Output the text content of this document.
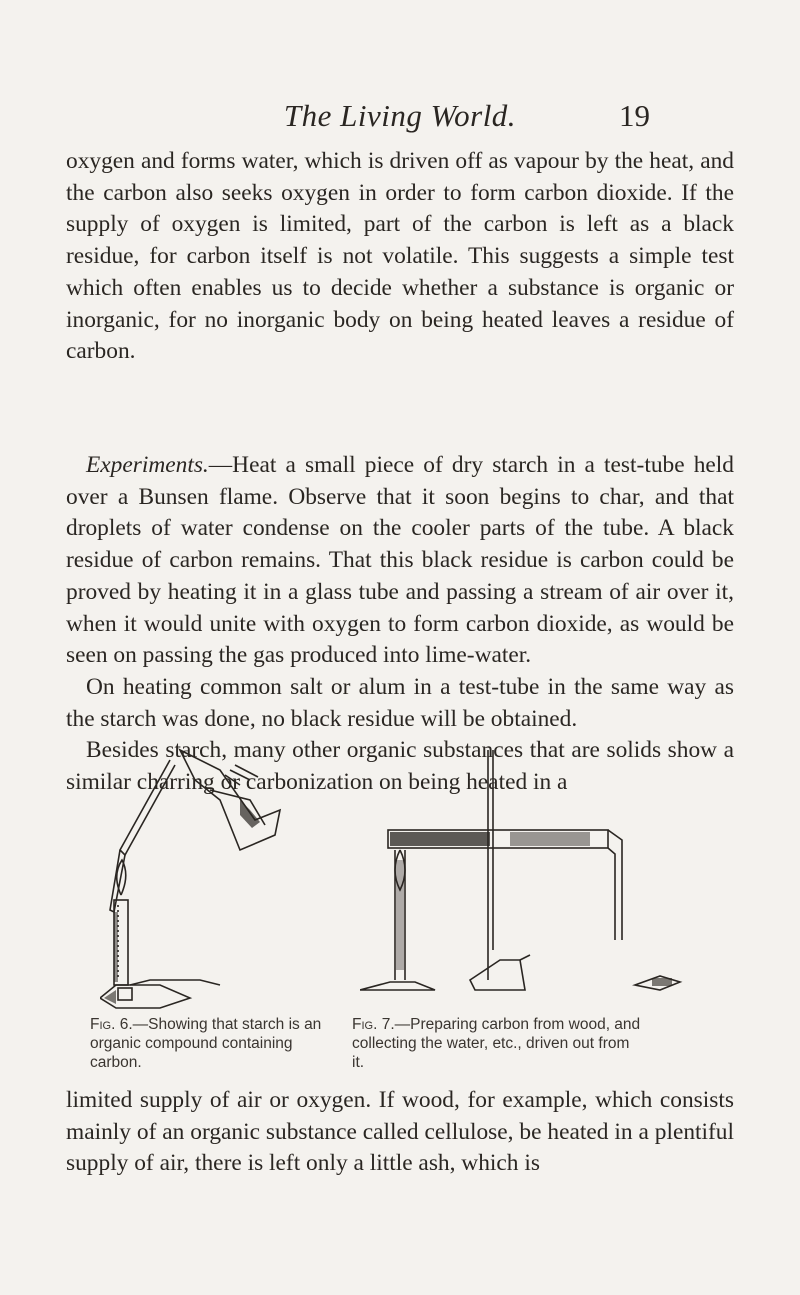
The Living World.	19

oxygen and forms water, which is driven off as vapour by the heat, and the carbon also seeks oxygen in order to form carbon dioxide. If the supply of oxygen is limited, part of the carbon is left as a black residue, for carbon itself is not volatile. This suggests a simple test which often enables us to decide whether a substance is organic or inorganic, for no inorganic body on being heated leaves a residue of carbon.

Experiments.—Heat a small piece of dry starch in a test-tube held over a Bunsen flame. Observe that it soon begins to char, and that droplets of water condense on the cooler parts of the tube. A black residue of carbon remains. That this black residue is carbon could be proved by heating it in a glass tube and passing a stream of air over it, when it would unite with oxygen to form carbon dioxide, as would be seen on passing the gas produced into lime-water.

On heating common salt or alum in a test-tube in the same way as the starch was done, no black residue will be obtained.

Besides starch, many other organic substances that are solids show a similar charring or carbonization on being heated in a

Fig. 6.—Showing that starch is an organic compound containing carbon.
Fig. 7.—Preparing carbon from wood, and collecting the water, etc., driven out from it.

limited supply of air or oxygen. If wood, for example, which consists mainly of an organic substance called cellulose, be heated in a plentiful supply of air, there is left only a little ash, which is
